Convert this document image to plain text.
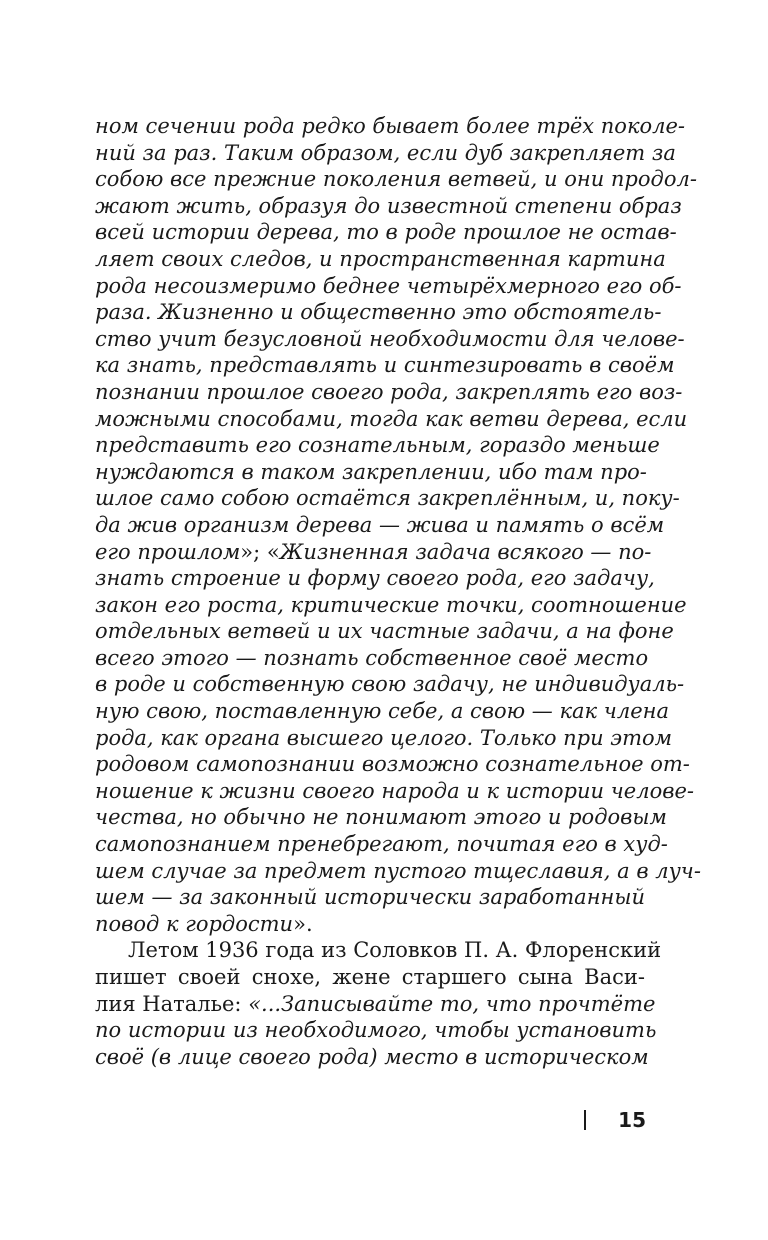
ном сечении рода редко бывает более трёх поколе-
ний за раз. Таким образом, если дуб закрепляет за
собою все прежние поколения ветвей, и они продол-
жают жить, образуя до известной степени образ
всей истории дерева, то в роде прошлое не остав-
ляет своих следов, и пространственная картина
рода несоизмеримо беднее четырёхмерного его об-
раза. Жизненно и общественно это обстоятель-
ство учит безусловной необходимости для челове-
ка знать, представлять и синтезировать в своём
познании прошлое своего рода, закреплять его воз-
можными способами, тогда как ветви дерева, если
представить его сознательным, гораздо меньше
нуждаются в таком закреплении, ибо там про-
шлое само собою остаётся закреплённым, и, поку-
да жив организм дерева — жива и память о всём
его прошлом»; «Жизненная задача всякого — по-
знать строение и форму своего рода, его задачу,
закон его роста, критические точки, соотношение
отдельных ветвей и их частные задачи, а на фоне
всего этого — познать собственное своё место
в роде и собственную свою задачу, не индивидуаль-
ную свою, поставленную себе, а свою — как члена
рода, как органа высшего целого. Только при этом
родовом самопознании возможно сознательное от-
ношение к жизни своего народа и к истории челове-
чества, но обычно не понимают этого и родовым
самопознанием пренебрегают, почитая его в худ-
шем случае за предмет пустого тщеславия, а в луч-
шем — за законный исторически заработанный
повод к гордости».
Летом 1936 года из Соловков П. А. Флоренский
пишет своей снохе, жене старшего сына Васи-
лия Наталье: «...Записывайте то, что прочтёте
по истории из необходимого, чтобы установить
своё (в лице своего рода) место в историческом
15
